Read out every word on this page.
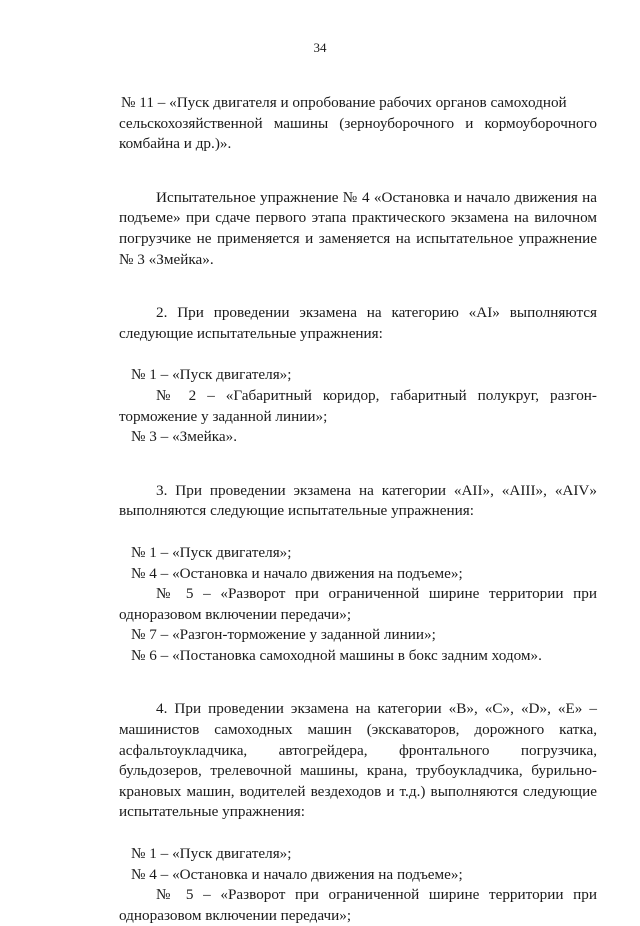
34

№ 11 – «Пуск двигателя и опробование рабочих органов самоходной

сельскохозяйственной машины (зерноуборочного и кормоуборочного комбайна и др.)».

Испытательное упражнение № 4 «Остановка и начало движения на подъеме» при сдаче первого этапа практического экзамена на вилочном погрузчике не применяется и заменяется на испытательное упражнение № 3 «Змейка».

2. При проведении экзамена на категорию «AI» выполняются следующие испытательные упражнения:

№ 1 – «Пуск двигателя»;

№ 2 – «Габаритный коридор, габаритный полукруг, разгон-торможение у заданной линии»;

№ 3 – «Змейка».

3. При проведении экзамена на категории «AII», «AIII», «AIV» выполняются следующие испытательные упражнения:

№ 1 – «Пуск двигателя»;

№ 4 – «Остановка и начало движения на подъеме»;

№ 5 – «Разворот при ограниченной ширине территории при одноразовом включении передачи»;

№ 7 – «Разгон-торможение у заданной линии»;

№ 6 – «Постановка самоходной машины в бокс задним ходом».

4. При проведении экзамена на категории «B», «C», «D», «E» – машинистов самоходных машин (экскаваторов, дорожного катка, асфальтоукладчика, автогрейдера, фронтального погрузчика, бульдозеров, трелевочной машины, крана, трубоукладчика, бурильно-крановых машин, водителей вездеходов и т.д.) выполняются следующие испытательные упражнения:

№ 1 – «Пуск двигателя»;

№ 4 – «Остановка и начало движения на подъеме»;

№ 5 – «Разворот при ограниченной ширине территории при одноразовом включении передачи»;
